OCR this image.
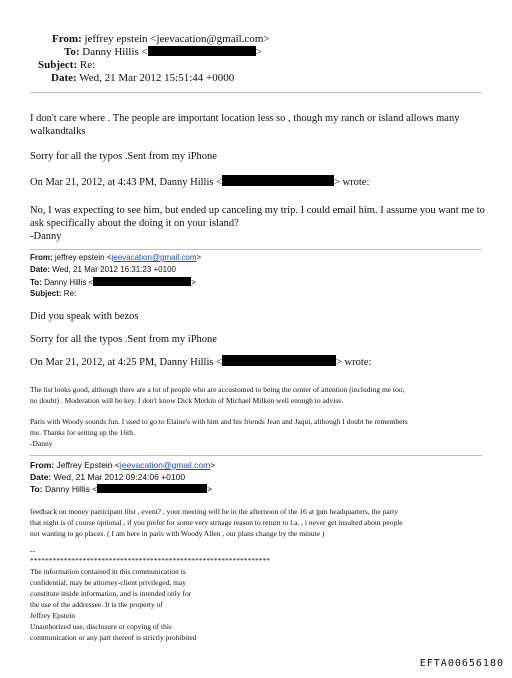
From: jeffrey epstein <jeevacation@gmail.com>
To: Danny Hillis <	>
Subject: Re:
Date: Wed, 21 Mar 2012 15:51:44 +0000
I don't care where . The people are important location less so , though my ranch or island allows many
walkandtalks
Sorry for all the typos .Sent from my iPhone
On Mar 21, 2012, at 4:43 PM, Danny Hillis <	> wrote:
No, I was expecting to see him, but ended up canceling my trip. I could email him. I assume you want me to
ask specifically about the doing it on your island?
-Danny
From: jeffrey epstein <jeevacation@gmail.com>
Date: Wed, 21 Mar 2012 16:31:23 +0100
To: Danny Hillis <	>
Subject: Re:
Did you speak with bezos
Sorry for all the typos .Sent from my iPhone
On Mar 21, 2012, at 4:25 PM, Danny Hillis <	> wrote:
The list looks good, although there are a lot of people who are accustomed to being the center of attention (including me too,
no doubt) . Moderation will be key. I don't know Dick Merkin of Michael Milken well enough to advise.
Paris with Woody sounds fun. I used to go to Elaine's with him and his friends Jean and Jaqui, although I doubt he remembers
me. Thanks for setting up the 16th.
-Danny
From: Jeffrey Epstein <jeevacation@gmail.com>
Date: Wed, 21 Mar 2012 09:24:06 +0100
To: Danny Hillis <	>
feedback on money participant lilst , event? , your meeting will be in the afternoon of the 16 at jpm headquarters, the party
that night is of course optional , if you prefer for some very strnage reason to return to l.a. , i never get insulted about people
not wanting to go places. ( I am here in paris with Woody Allen , our plans change by the minute )
--
****************************************************************
The information contained in this communication is
confidential, may be attorney-client privileged, may
constitute inside information, and is intended only for
the use of the addressee. It is the property of
Jeffrey Epstein
Unauthorized use, disclosure or copying of this
communication or any part thereof is strictly prohibited
EFTA00656180
